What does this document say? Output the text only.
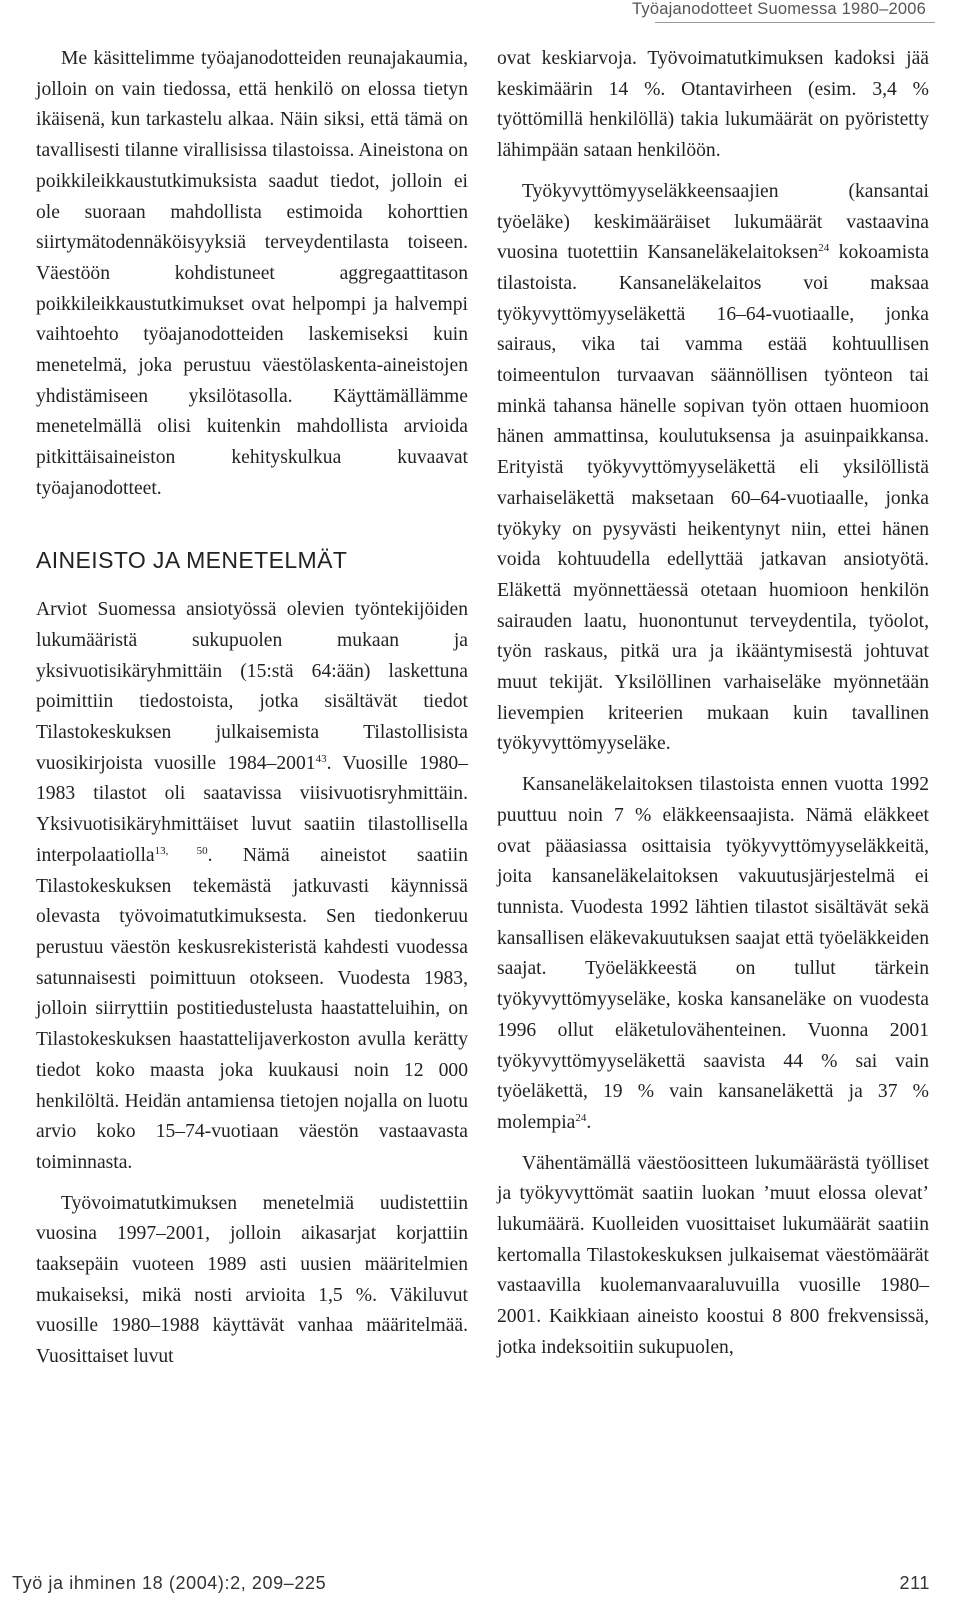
Työajanodotteet Suomessa 1980–2006

Me käsittelimme työajanodotteiden reunajakaumia, jolloin on vain tiedossa, että henkilö on elossa tietyn ikäisenä, kun tarkastelu alkaa. Näin siksi, että tämä on tavallisesti tilanne virallisissa tilastoissa. Aineistona on poikkileikkaustutkimuksista saadut tiedot, jolloin ei ole suoraan mahdollista estimoida kohorttien siirtymätodennäköisyyksiä terveydentilasta toiseen. Väestöön kohdistuneet aggregaattitason poikkileikkaustutkimukset ovat helpompi ja halvempi vaihtoehto työajanodotteiden laskemiseksi kuin menetelmä, joka perustuu väestölaskenta-aineistojen yhdistämiseen yksilötasolla. Käyttämällämme menetelmällä olisi kuitenkin mahdollista arvioida pitkittäisaineiston kehityskulkua kuvaavat työajanodotteet.

AINEISTO JA MENETELMÄT

Arviot Suomessa ansiotyössä olevien työntekijöiden lukumääristä sukupuolen mukaan ja yksivuotisikäryhmittäin (15:stä 64:ään) laskettuna poimittiin tiedostoista, jotka sisältävät tiedot Tilastokeskuksen julkaisemista Tilastollisista vuosikirjoista vuosille 1984–2001$^{43}$. Vuosille 1980–1983 tilastot oli saatavissa viisivuotisryhmittäin. Yksivuotisikäryhmittäiset luvut saatiin tilastollisella interpolaatiolla$^{13, 50}$. Nämä aineistot saatiin Tilastokeskuksen tekemästä jatkuvasti käynnissä olevasta työvoimatutkimuksesta. Sen tiedonkeruu perustuu väestön keskusrekisteristä kahdesti vuodessa satunnaisesti poimittuun otokseen. Vuodesta 1983, jolloin siirryttiin postitiedustelusta haastatteluihin, on Tilastokeskuksen haastattelijaverkoston avulla kerätty tiedot koko maasta joka kuukausi noin 12 000 henkilöltä. Heidän antamiensa tietojen nojalla on luotu arvio koko 15–74-vuotiaan väestön vastaavasta toiminnasta.

Työvoimatutkimuksen menetelmiä uudistettiin vuosina 1997–2001, jolloin aikasarjat korjattiin taaksepäin vuoteen 1989 asti uusien määritelmien mukaiseksi, mikä nosti arvioita 1,5 %. Väkiluvut vuosille 1980–1988 käyttävät vanhaa määritelmää. Vuosittaiset luvut

ovat keskiarvoja. Työvoimatutkimuksen kadoksi jää keskimäärin 14 %. Otantavirheen (esim. 3,4 % työttömillä henkilöllä) takia lukumäärät on pyöristetty lähimpään sataan henkilöön.

Työkyvyttömyyseläkkeensaajien (kansantai työeläke) keskimääräiset lukumäärät vastaavina vuosina tuotettiin Kansaneläkelaitoksen$^{24}$ kokoamista tilastoista. Kansaneläkelaitos voi maksaa työkyvyttömyyseläkettä 16–64-vuotiaalle, jonka sairaus, vika tai vamma estää kohtuullisen toimeentulon turvaavan säännöllisen työnteon tai minkä tahansa hänelle sopivan työn ottaen huomioon hänen ammattinsa, koulutuksensa ja asuinpaikkansa. Erityistä työkyvyttömyyseläkettä eli yksilöllistä varhaiseläkettä maksetaan 60–64-vuotiaalle, jonka työkyky on pysyvästi heikentynyt niin, ettei hänen voida kohtuudella edellyttää jatkavan ansiotyötä. Eläkettä myönnettäessä otetaan huomioon henkilön sairauden laatu, huonontunut terveydentila, työolot, työn raskaus, pitkä ura ja ikääntymisestä johtuvat muut tekijät. Yksilöllinen varhaiseläke myönnetään lievempien kriteerien mukaan kuin tavallinen työkyvyttömyyseläke.

Kansaneläkelaitoksen tilastoista ennen vuotta 1992 puuttuu noin 7 % eläkkeensaajista. Nämä eläkkeet ovat pääasiassa osittaisia työkyvyttömyyseläkkeitä, joita kansaneläkelaitoksen vakuutusjärjestelmä ei tunnista. Vuodesta 1992 lähtien tilastot sisältävät sekä kansallisen eläkevakuutuksen saajat että työeläkkeiden saajat. Työeläkkeestä on tullut tärkein työkyvyttömyyseläke, koska kansaneläke on vuodesta 1996 ollut eläketulovähenteinen. Vuonna 2001 työkyvyttömyyseläkettä saavista 44 % sai vain työeläkettä, 19 % vain kansaneläkettä ja 37 % molempia$^{24}$.

Vähentämällä väestöositteen lukumäärästä työlliset ja työkyvyttömät saatiin luokan ’muut elossa olevat’ lukumäärä. Kuolleiden vuosittaiset lukumäärät saatiin kertomalla Tilastokeskuksen julkaisemat väestömäärät vastaavilla kuolemanvaaraluvuilla vuosille 1980–2001. Kaikkiaan aineisto koostui 8 800 frekvensissä, jotka indeksoitiin sukupuolen,

Työ ja ihminen 18 (2004):2, 209–225	211
